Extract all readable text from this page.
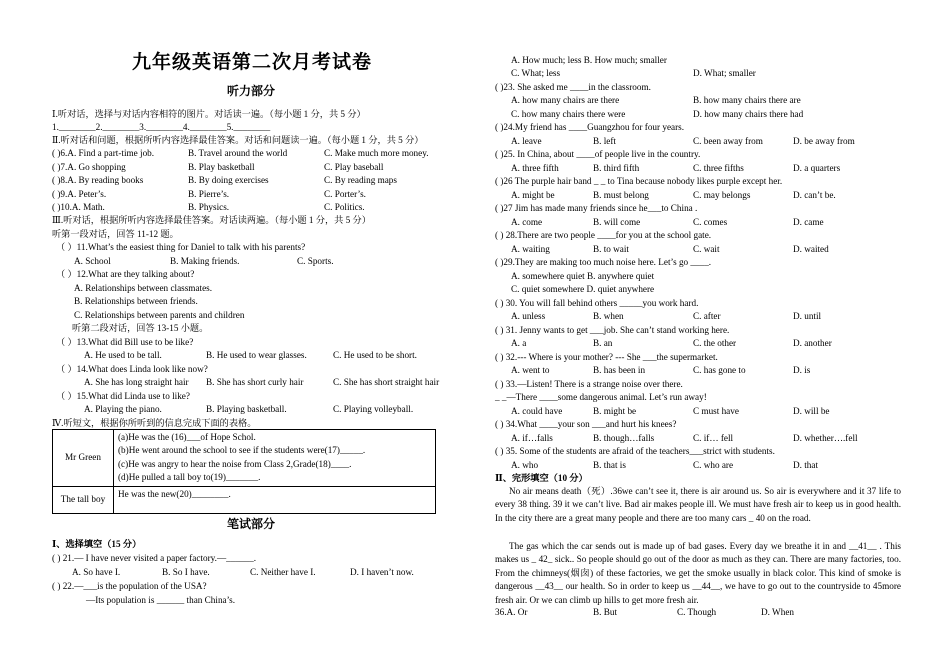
九年级英语第二次月考试卷
听力部分
Ⅰ.听对话，选择与对话内容相符的图片。对话读一遍。（每小题 1 分，共 5 分）
1.________2.________3.________4.________5.________
Ⅱ.听对话和问题，根据所听内容选择最佳答案。对话和问题读一遍。（每小题 1 分，共 5 分）
( )6.A. Find a part-time job.	B. Travel around the world	C. Make much more money.
( )7.A. Go shopping	B. Play basketball	C. Play baseball
( )8.A. By reading books	B. By doing exercises	C. By reading maps
( )9.A. Peter’s.	B. Pierre’s.	C. Porter’s.
( )10.A. Math.	B. Physics.	C. Politics.
Ⅲ.听对话，根据所听内容选择最佳答案。对话读两遍。（每小题 1 分，共 5 分）
听第一段对话，回答 11-12 题。
（ ）11.What’s the easiest thing for Daniel to talk with his parents?
A. School	B. Making friends.	C. Sports.
（ ）12.What are they talking about?
A. Relationships between classmates.
B. Relationships between friends.
C. Relationships between parents and children
听第二段对话，回答 13-15 小题。
（ ）13.What did Bill use to be like?
A. He used to be tall.	B. He used to wear glasses.	C. He used to be short.
（ ）14.What does Linda look like now?
A. She has long straight hair B. She has short curly hair	C. She has short straight hair
（ ）15.What did Linda use to like?
A. Playing the piano.	B. Playing basketball.	C. Playing volleyball.
Ⅳ.听短文，根据你所听到的信息完成下面的表格。
Mr Green	(a)He was the (16)___of Hope Schol.
(b)He went around the school to see if the students were(17)_____.
(c)He was angry to hear the noise from Class 2,Grade(18)____.
(d)He pulled a tall boy to(19)_______.

The tall boy	He was the new(20)________.
笔试部分
Ⅰ、选择填空（15 分）
( ) 21.— I have never visited a paper factory.—______.
A. So have I.	B. So I have.	C. Neither have I.	D. I haven’t now.
( ) 22.—___is the population of the USA?
—Its population is ______ than China’s.
A. How much; less B. How much; smaller
C. What; less	D. What; smaller
( )23. She asked me ____in the classroom.
A. how many chairs are there	B. how many chairs there are
C. how many chairs there were	D. how many chairs there had
( )24.My friend has ____Guangzhou for four years.
A. leave	B. left	C. been away from	D. be away from
( )25. In China, about ____of people live in the country.
A. three fifth	B. third fifth	C. three fifths	D. a quarters
( )26 The purple hair band _ _ to Tina because nobody likes purple except her.
A. might be	B. must belong	C. may belongs	D. can’t be.
( )27 Jim has made many friends since he___to China .
A. come	B. will come	C. comes	D. came
( ) 28.There are two people ____for you at the school gate.
A. waiting	B. to wait	C. wait	D. waited
( )29.They are making too much noise here. Let’s go ____.
A. somewhere quiet B. anywhere quiet
C. quiet somewhere D. quiet anywhere
( ) 30. You will fall behind others _____you work hard.
A. unless	B. when	C. after	D. until
( ) 31. Jenny wants to get ___job. She can’t stand working here.
A. a	B. an	C. the other	D. another
( ) 32.--- Where is your mother? --- She ___the supermarket.
A. went to	B. has been in	C. has gone to	D. is
( ) 33.—Listen! There is a strange noise over there.
_ _—There ____some dangerous animal. Let’s run away!
A. could have	B. might be	C must have	D. will be
( ) 34.What ____your son ___and hurt his knees?
A. if…falls	B. though…falls	C. if… fell	D. whether….fell
( ) 35. Some of the students are afraid of the teachers___strict with students.
A. who	B. that is	C. who are	D. that
Ⅱ、完形填空（10 分）
No air means death（死）.36we can’t see it, there is air around us. So air is everywhere and it 37 life to every 38 thing. 39 it we can’t live. Bad air makes people ill. We must have fresh air to keep us in good health. In the city there are a great many people and there are too many cars _ 40 on the road.
The gas which the car sends out is made up of bad gases. Every day we breathe it in and __41__ . This makes us _ 42_ sick.. So people should go out of the door as much as they can. There are many factories, too. From the chimneys(烟囱) of these factories, we get the smoke usually in black color. This kind of smoke is dangerous __43__ our health. So in order to keep us __44__, we have to go out to the countryside to 45more fresh air. Or we can climb up hills to get more fresh air.
36.A. Or	B. But	C. Though	D. When
